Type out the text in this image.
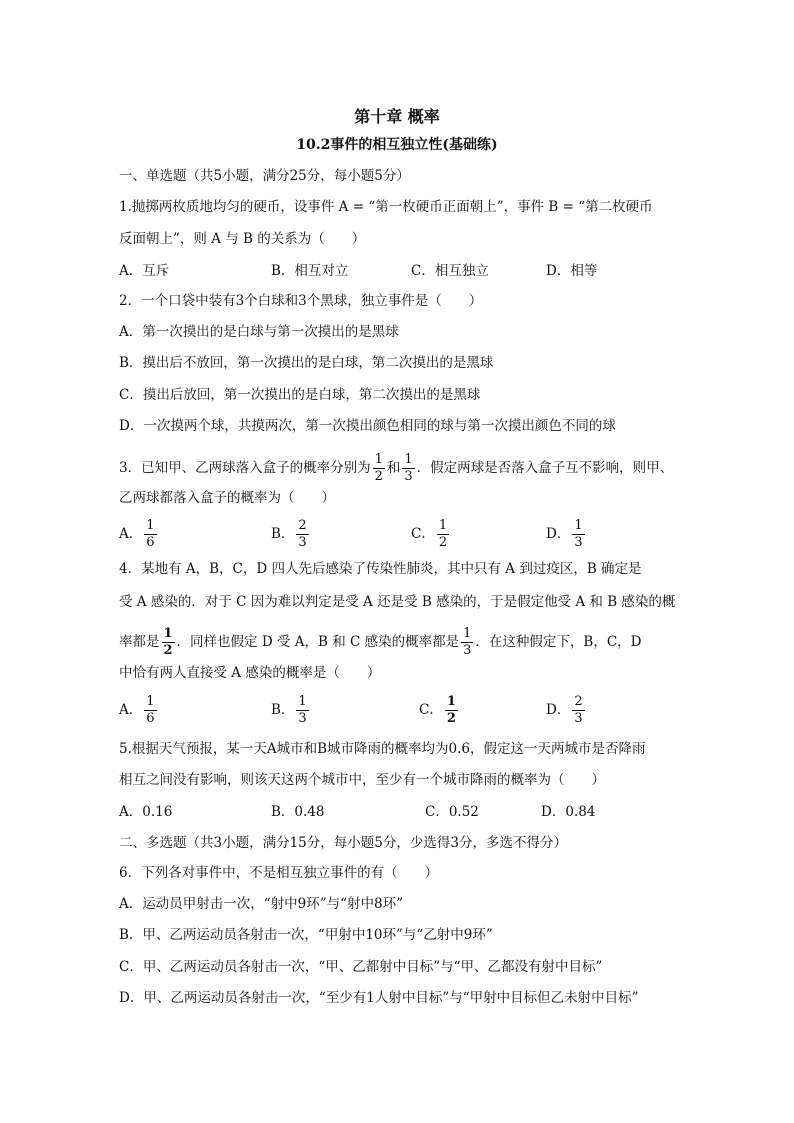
第十章 概率
10.2事件的相互独立性(基础练)
一、单选题（共5小题，满分25分，每小题5分）
1.抛掷两枚质地均匀的硬币，设事件 A = “第一枚硬币正面朝上”，事件 B = “第二枚硬币
反面朝上”，则 A 与 B 的关系为（　　）
A．互斥	B．相互对立	C．相互独立	D．相等
2．一个口袋中装有3个白球和3个黑球，独立事件是（　　）
A．第一次摸出的是白球与第一次摸出的是黑球
B．摸出后不放回，第一次摸出的是白球，第二次摸出的是黑球
C．摸出后放回，第一次摸出的是白球，第二次摸出的是黑球
D．一次摸两个球，共摸两次，第一次摸出颜色相同的球与第一次摸出颜色不同的球
3．已知甲、乙两球落入盒子的概率分别为 $\frac{1}{2}$ 和 $\frac{1}{3}$ ．假定两球是否落入盒子互不影响，则甲、
乙两球都落入盒子的概率为（　　）
A． $\frac{1}{6}$	B． $\frac{2}{3}$	C． $\frac{1}{2}$	D． $\frac{1}{3}$
4．某地有 A，B，C，D 四人先后感染了传染性肺炎，其中只有 A 到过疫区，B 确定是
受 A 感染的．对于 C 因为难以判定是受 A 还是受 B 感染的，于是假定他受 A 和 B 感染的概
率都是 $\frac{1}{2}$ ．同样也假定 D 受 A，B 和 C 感染的概率都是 $\frac{1}{3}$ ．在这种假定下，B，C，D
中恰有两人直接受 A 感染的概率是（　　）
A． $\frac{1}{6}$	B． $\frac{1}{3}$	C． $\frac{1}{2}$	D． $\frac{2}{3}$
5.根据天气预报，某一天A城市和B城市降雨的概率均为0.6，假定这一天两城市是否降雨
相互之间没有影响，则该天这两个城市中，至少有一个城市降雨的概率为（　　）
A．0.16	B．0.48	C．0.52	D．0.84
二、多选题（共3小题，满分15分，每小题5分，少选得3分，多选不得分）
6．下列各对事件中，不是相互独立事件的有（　　）
A．运动员甲射击一次，“射中9环”与“射中8环”
B．甲、乙两运动员各射击一次，“甲射中10环”与“乙射中9环”
C．甲、乙两运动员各射击一次，“甲、乙都射中目标”与“甲、乙都没有射中目标”
D．甲、乙两运动员各射击一次，“至少有1人射中目标”与“甲射中目标但乙未射中目标”
